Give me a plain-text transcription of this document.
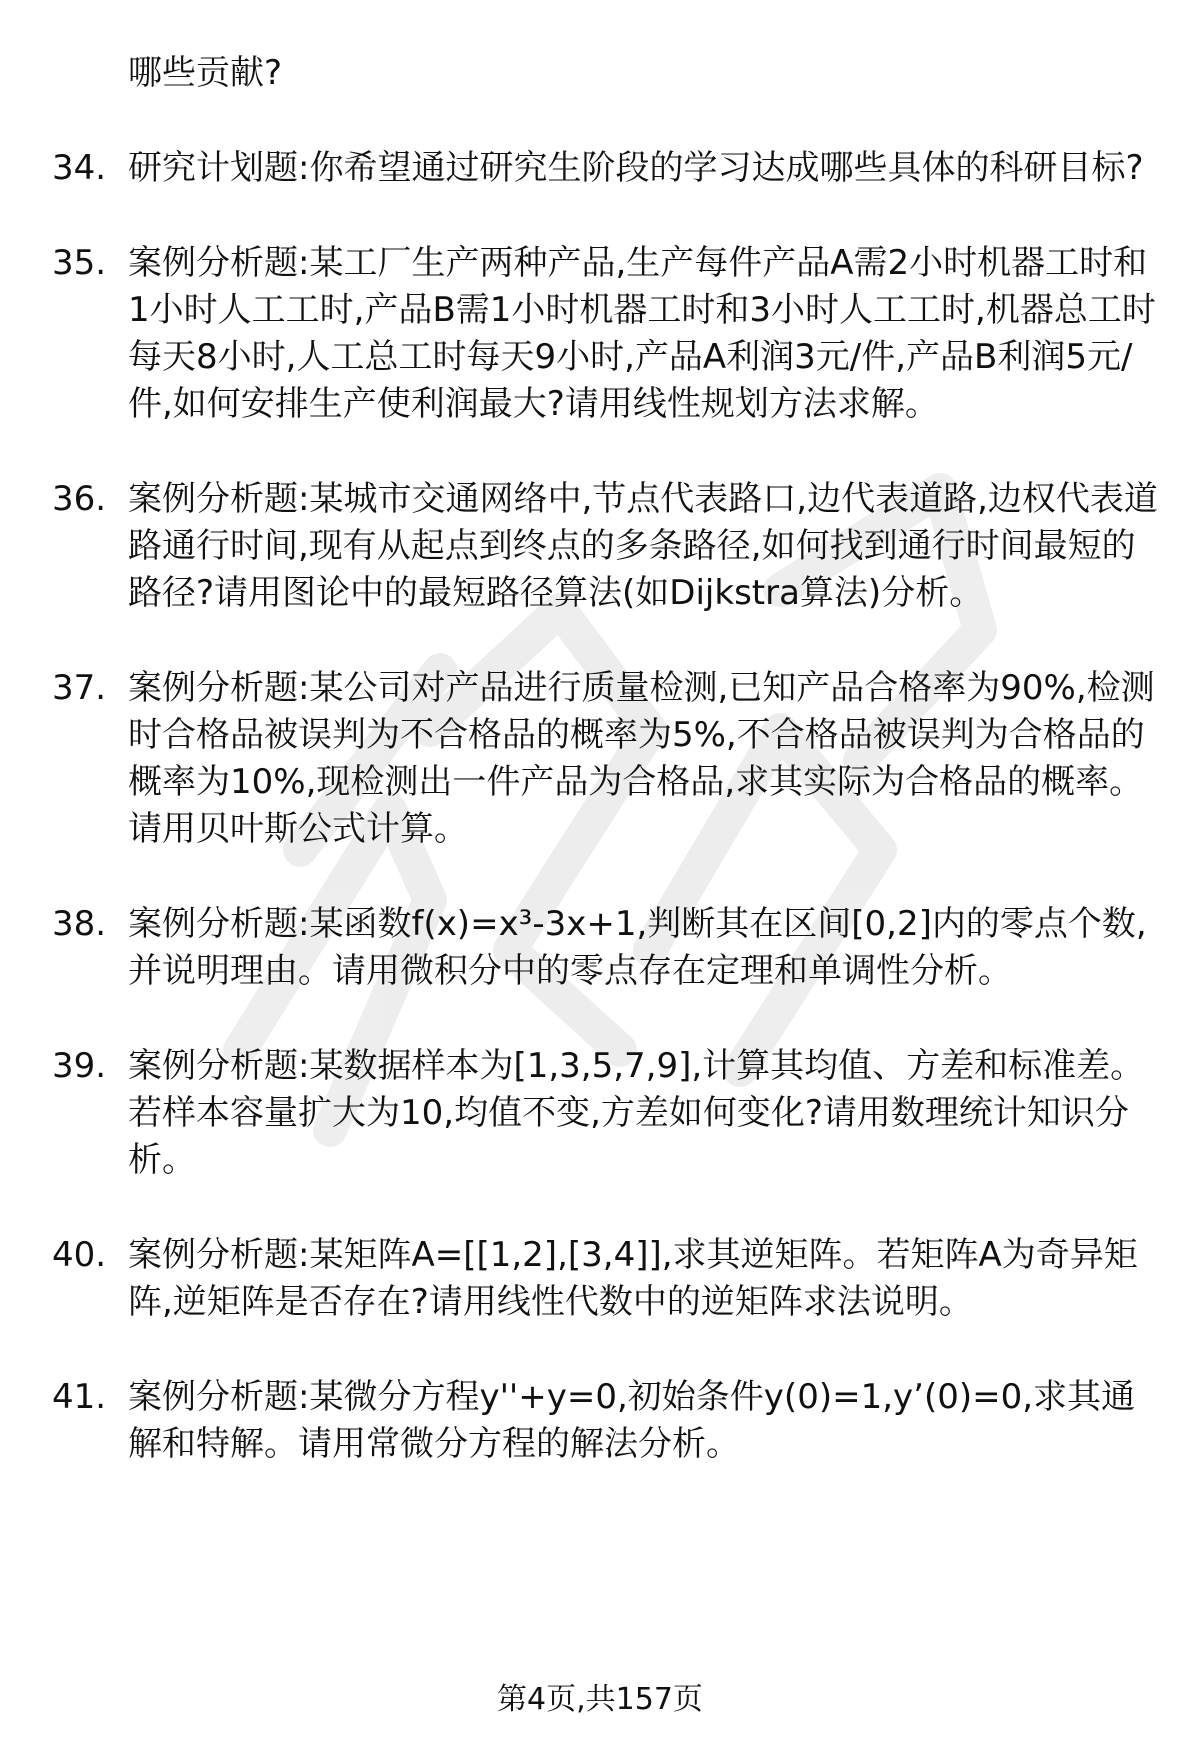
哪些贡献?
34. 研究计划题:你希望通过研究生阶段的学习达成哪些具体的科研目标?
35. 案例分析题:某工厂生产两种产品,生产每件产品A需2小时机器工时和1小时人工工时,产品B需1小时机器工时和3小时人工工时,机器总工时每天8小时,人工总工时每天9小时,产品A利润3元/件,产品B利润5元/件,如何安排生产使利润最大?请用线性规划方法求解。
36. 案例分析题:某城市交通网络中,节点代表路口,边代表道路,边权代表道路通行时间,现有从起点到终点的多条路径,如何找到通行时间最短的路径?请用图论中的最短路径算法(如Dijkstra算法)分析。
37. 案例分析题:某公司对产品进行质量检测,已知产品合格率为90%,检测时合格品被误判为不合格品的概率为5%,不合格品被误判为合格品的概率为10%,现检测出一件产品为合格品,求其实际为合格品的概率。请用贝叶斯公式计算。
38. 案例分析题:某函数f(x)=x³-3x+1,判断其在区间[0,2]内的零点个数,并说明理由。请用微积分中的零点存在定理和单调性分析。
39. 案例分析题:某数据样本为[1,3,5,7,9],计算其均值、方差和标准差。若样本容量扩大为10,均值不变,方差如何变化?请用数理统计知识分析。
40. 案例分析题:某矩阵A=[[1,2],[3,4]],求其逆矩阵。若矩阵A为奇异矩阵,逆矩阵是否存在?请用线性代数中的逆矩阵求法说明。
41. 案例分析题:某微分方程y''+y=0,初始条件y(0)=1,y’(0)=0,求其通解和特解。请用常微分方程的解法分析。
第4页,共157页
